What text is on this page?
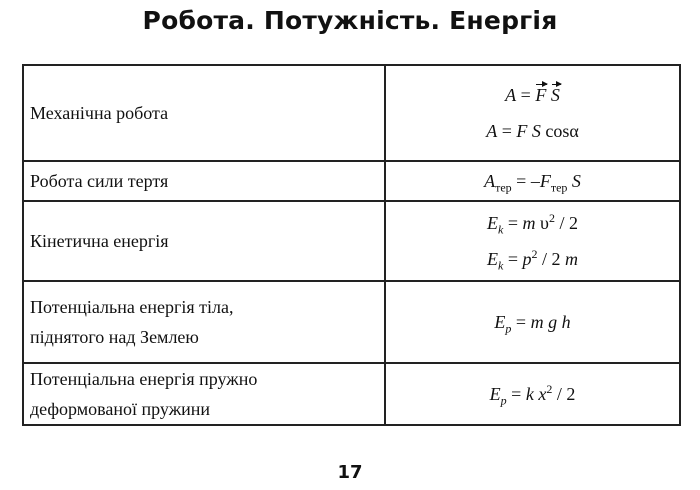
Робота. Потужність. Енергія
Механічна робота	A = F S
A = F S cosα

Робота сили тертя	$A_{тер} = -F_{тер}$ S

Кінетична енергія	$E_k = m$ $\upsilon^2 / 2$
$E_k = p^2 / 2$ m

Потенціальна енергія тіла,
піднятого над Землею	$E_p = m$ g h

Потенціальна енергія пружно
деформованої пружини	$E_p = k$ $x^2 / 2$
17
